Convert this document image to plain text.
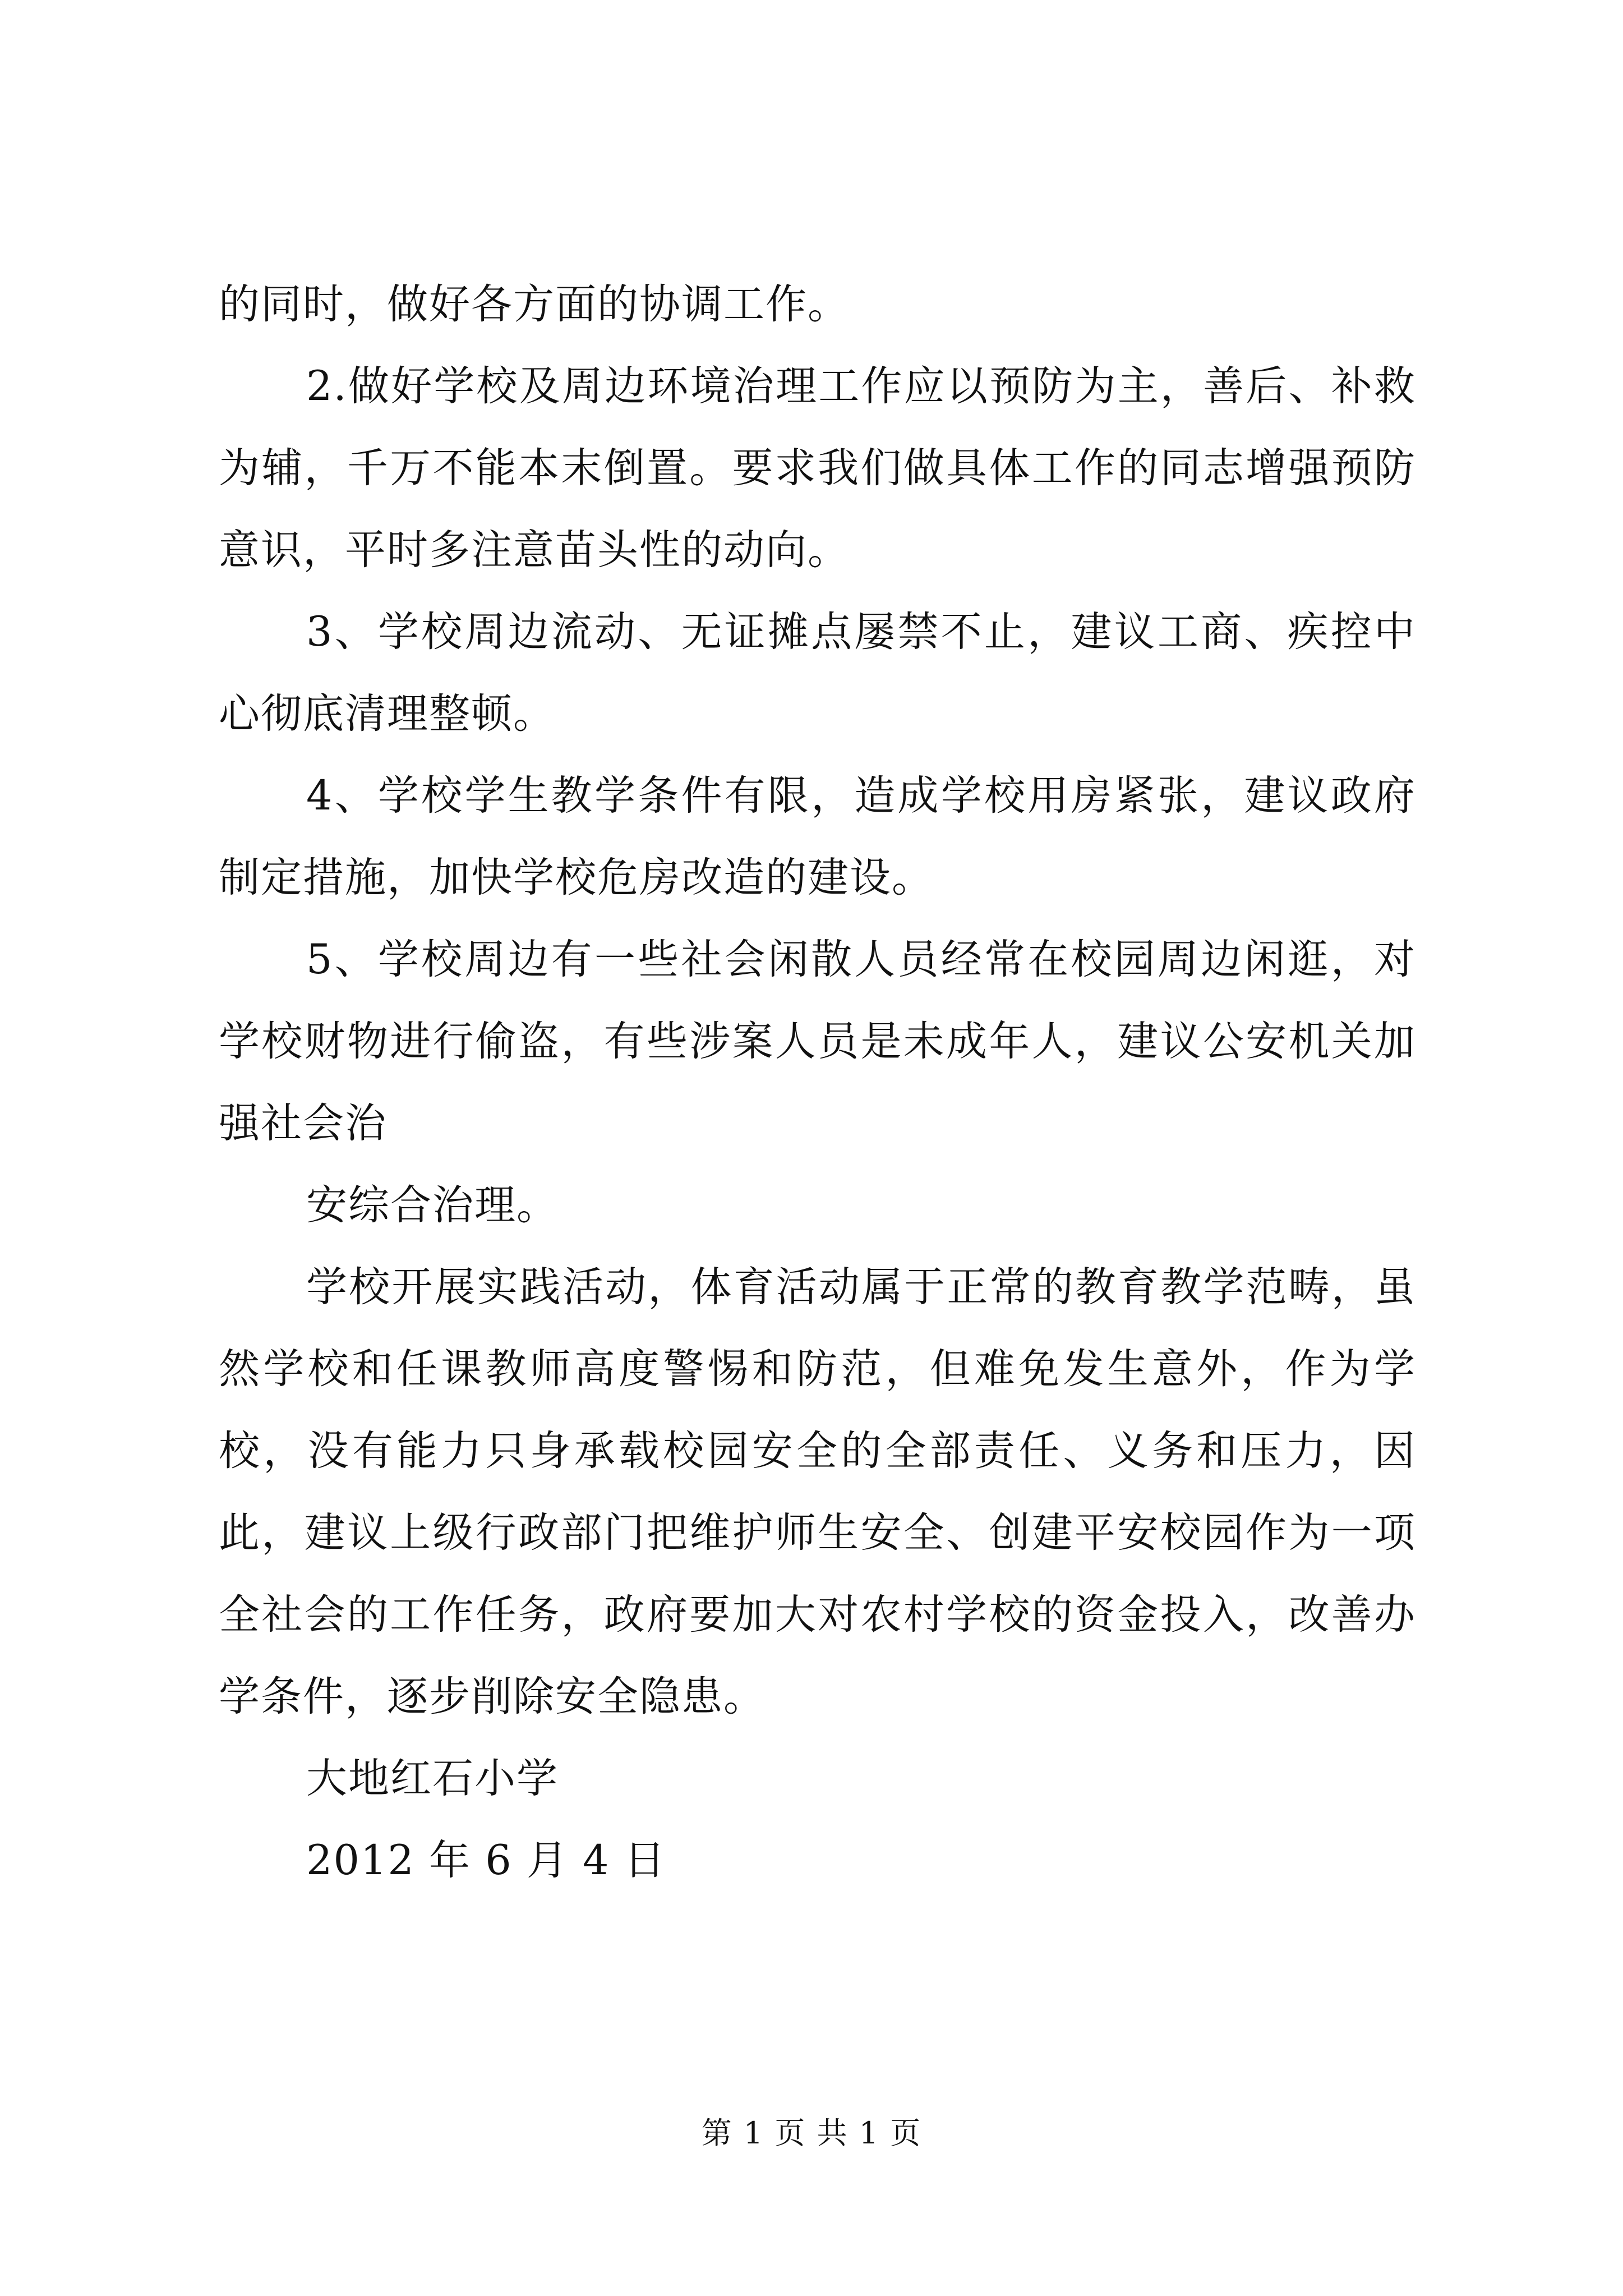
的同时，做好各方面的协调工作。

2.做好学校及周边环境治理工作应以预防为主，善后、补救为辅，千万不能本末倒置。要求我们做具体工作的同志增强预防意识，平时多注意苗头性的动向。

3、学校周边流动、无证摊点屡禁不止，建议工商、疾控中心彻底清理整顿。

4、学校学生教学条件有限，造成学校用房紧张，建议政府制定措施，加快学校危房改造的建设。

5、学校周边有一些社会闲散人员经常在校园周边闲逛，对学校财物进行偷盗，有些涉案人员是未成年人，建议公安机关加强社会治

安综合治理。

学校开展实践活动，体育活动属于正常的教育教学范畴，虽然学校和任课教师高度警惕和防范，但难免发生意外，作为学校，没有能力只身承载校园安全的全部责任、义务和压力，因此，建议上级行政部门把维护师生安全、创建平安校园作为一项全社会的工作任务，政府要加大对农村学校的资金投入，改善办学条件，逐步削除安全隐患。

大地红石小学

2012 年 6 月 4 日

第 1 页 共 1 页
